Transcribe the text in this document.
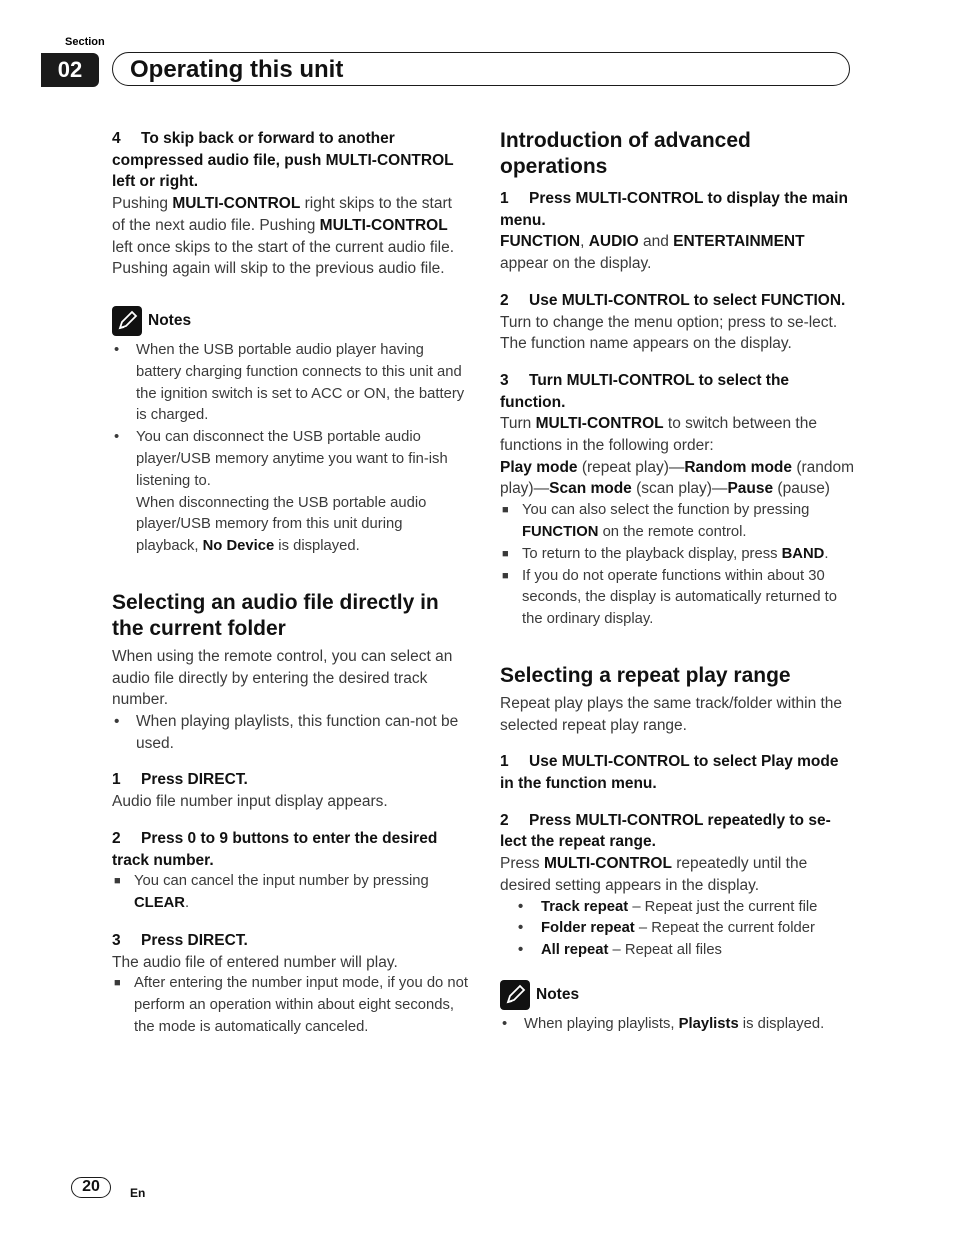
Section
02	Operating this unit

4 To skip back or forward to another compressed audio file, push MULTI-CONTROL left or right.

Pushing MULTI-CONTROL right skips to the start of the next audio file. Pushing MULTI-CONTROL left once skips to the start of the current audio file. Pushing again will skip to the previous audio file.

Notes

• When the USB portable audio player having battery charging function connects to this unit and the ignition switch is set to ACC or ON, the battery is charged.

• You can disconnect the USB portable audio player/USB memory anytime you want to fin-ish listening to.

When disconnecting the USB portable audio player/USB memory from this unit during playback, No Device is displayed.

Selecting an audio file directly in the current folder

When using the remote control, you can select an audio file directly by entering the desired track number.

• When playing playlists, this function can-not be used.

1 Press DIRECT.

Audio file number input display appears.

2 Press 0 to 9 buttons to enter the desired track number.

■ You can cancel the input number by pressing CLEAR.

3 Press DIRECT.

The audio file of entered number will play.

■ After entering the number input mode, if you do not perform an operation within about eight seconds, the mode is automatically canceled.

Introduction of advanced operations

1 Press MULTI-CONTROL to display the main menu.

FUNCTION, AUDIO and ENTERTAINMENT appear on the display.

2 Use MULTI-CONTROL to select FUNCTION.

Turn to change the menu option; press to se-lect.

The function name appears on the display.

3 Turn MULTI-CONTROL to select the function.

Turn MULTI-CONTROL to switch between the functions in the following order:

Play mode (repeat play)—Random mode (random play)—Scan mode (scan play)—Pause (pause)

■ You can also select the function by pressing FUNCTION on the remote control.

■ To return to the playback display, press BAND.

■ If you do not operate functions within about 30 seconds, the display is automatically returned to the ordinary display.

Selecting a repeat play range

Repeat play plays the same track/folder within the selected repeat play range.

1 Use MULTI-CONTROL to select Play mode in the function menu.

2 Press MULTI-CONTROL repeatedly to se-lect the repeat range.

Press MULTI-CONTROL repeatedly until the desired setting appears in the display.

• Track repeat – Repeat just the current file

• Folder repeat – Repeat the current folder

• All repeat – Repeat all files

Notes

• When playing playlists, Playlists is displayed.

20	En
